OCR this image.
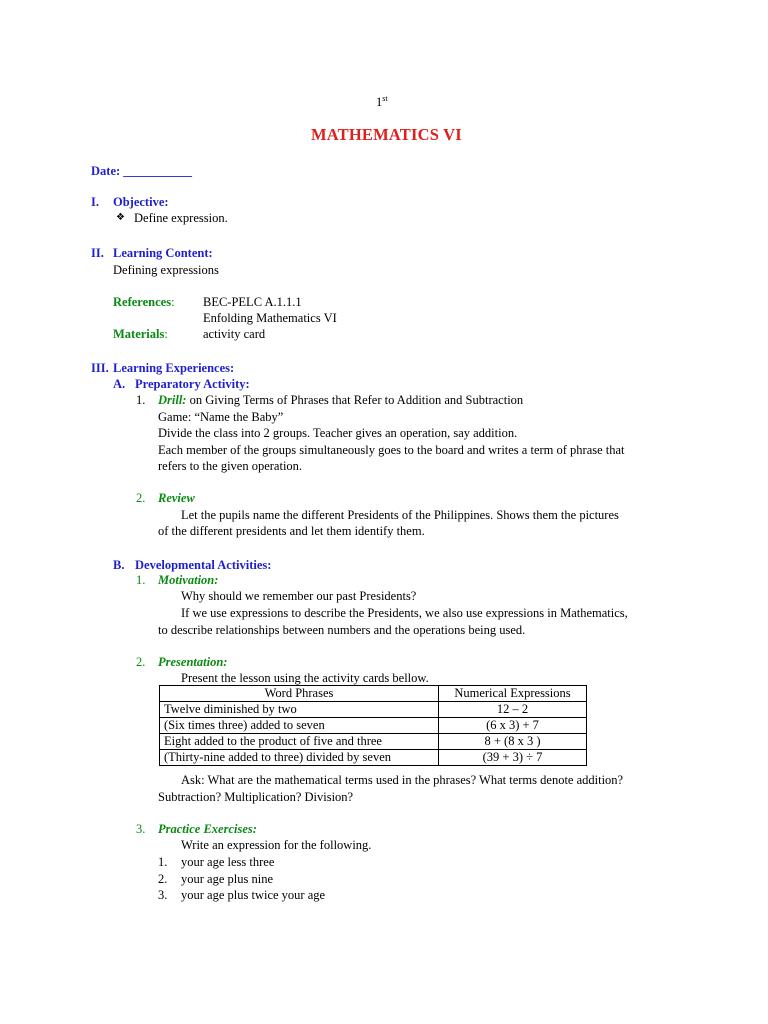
1st
MATHEMATICS VI
Date: ___________
I. Objective:
❖ Define expression.
II. Learning Content:
Defining expressions
References: BEC-PELC A.1.1.1
Enfolding Mathematics VI
Materials:	activity card
III. Learning Experiences:
A. Preparatory Activity:
1. Drill: on Giving Terms of Phrases that Refer to Addition and Subtraction
Game: “Name the Baby”
Divide the class into 2 groups. Teacher gives an operation, say addition.
Each member of the groups simultaneously goes to the board and writes a term of phrase that
refers to the given operation.
2. Review
Let the pupils name the different Presidents of the Philippines. Shows them the pictures
of the different presidents and let them identify them.
B. Developmental Activities:
1. Motivation:
Why should we remember our past Presidents?
If we use expressions to describe the Presidents, we also use expressions in Mathematics,
to describe relationships between numbers and the operations being used.
2. Presentation:
Present the lesson using the activity cards bellow.
Word Phrases	Numerical Expressions
Twelve diminished by two	12 – 2
(Six times three) added to seven	(6 x 3) + 7
Eight added to the product of five and three	8 + (8 x 3 )
(Thirty-nine added to three) divided by seven	(39 + 3) ÷ 7
Ask: What are the mathematical terms used in the phrases? What terms denote addition?
Subtraction? Multiplication? Division?
3. Practice Exercises:
Write an expression for the following.
1. your age less three
2. your age plus nine
3. your age plus twice your age
